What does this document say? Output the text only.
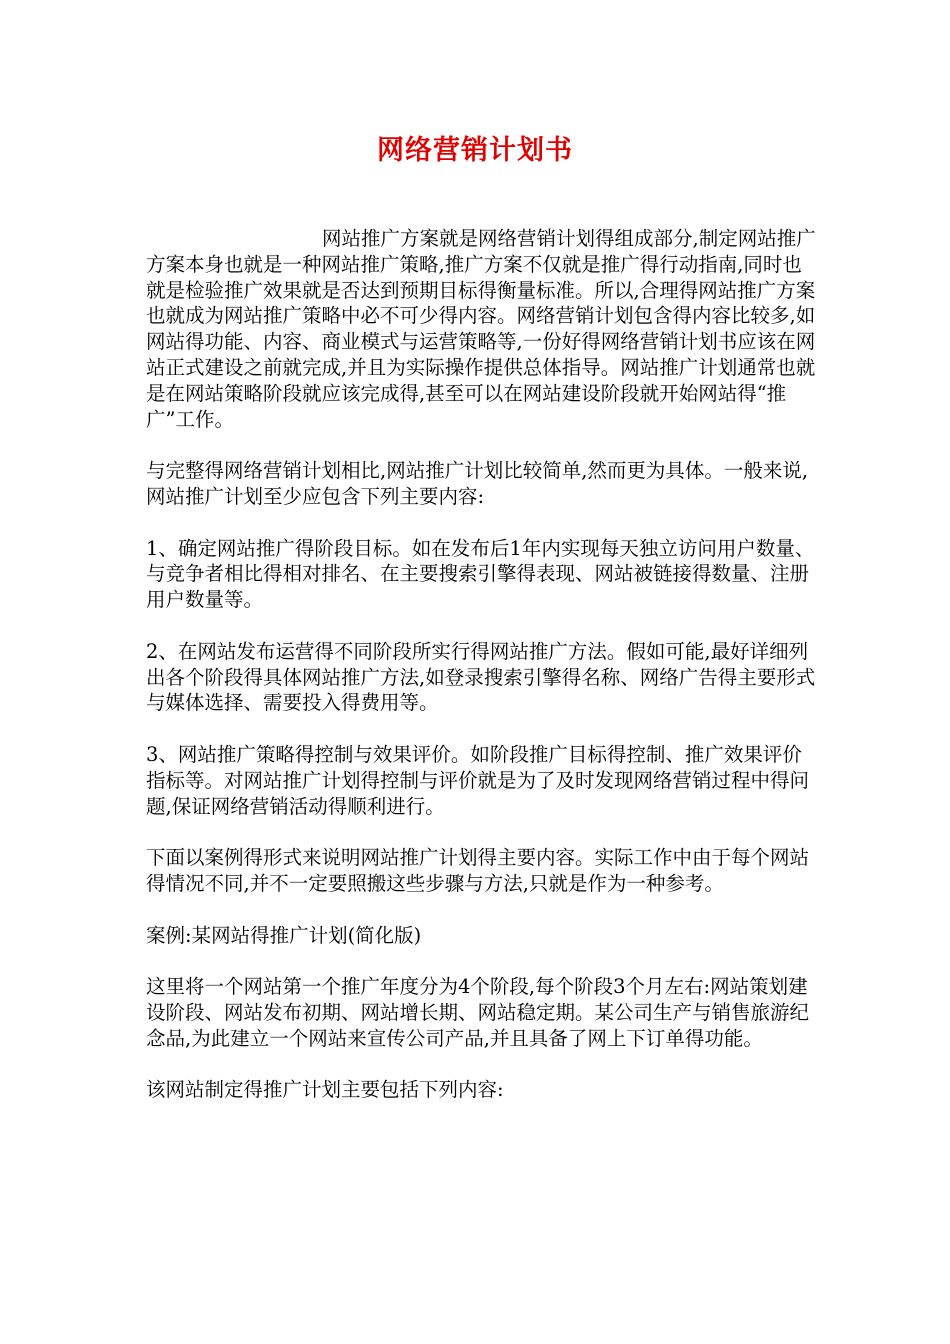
网络营销计划书

网站推广方案就是网络营销计划得组成部分,制定网站推广方案本身也就是一种网站推广策略,推广方案不仅就是推广得行动指南,同时也就是检验推广效果就是否达到预期目标得衡量标准。所以,合理得网站推广方案也就成为网站推广策略中必不可少得内容。网络营销计划包含得内容比较多,如网站得功能、内容、商业模式与运营策略等,一份好得网络营销计划书应该在网站正式建设之前就完成,并且为实际操作提供总体指导。网站推广计划通常也就是在网站策略阶段就应该完成得,甚至可以在网站建设阶段就开始网站得“推广”工作。

与完整得网络营销计划相比,网站推广计划比较简单,然而更为具体。一般来说,网站推广计划至少应包含下列主要内容:

1、确定网站推广得阶段目标。如在发布后1年内实现每天独立访问用户数量、与竞争者相比得相对排名、在主要搜索引擎得表现、网站被链接得数量、注册用户数量等。

2、在网站发布运营得不同阶段所实行得网站推广方法。假如可能,最好详细列出各个阶段得具体网站推广方法,如登录搜索引擎得名称、网络广告得主要形式与媒体选择、需要投入得费用等。

3、网站推广策略得控制与效果评价。如阶段推广目标得控制、推广效果评价指标等。对网站推广计划得控制与评价就是为了及时发现网络营销过程中得问题,保证网络营销活动得顺利进行。

下面以案例得形式来说明网站推广计划得主要内容。实际工作中由于每个网站得情况不同,并不一定要照搬这些步骤与方法,只就是作为一种参考。

案例:某网站得推广计划(简化版)

这里将一个网站第一个推广年度分为4个阶段,每个阶段3个月左右:网站策划建设阶段、网站发布初期、网站增长期、网站稳定期。某公司生产与销售旅游纪念品,为此建立一个网站来宣传公司产品,并且具备了网上下订单得功能。

该网站制定得推广计划主要包括下列内容:
